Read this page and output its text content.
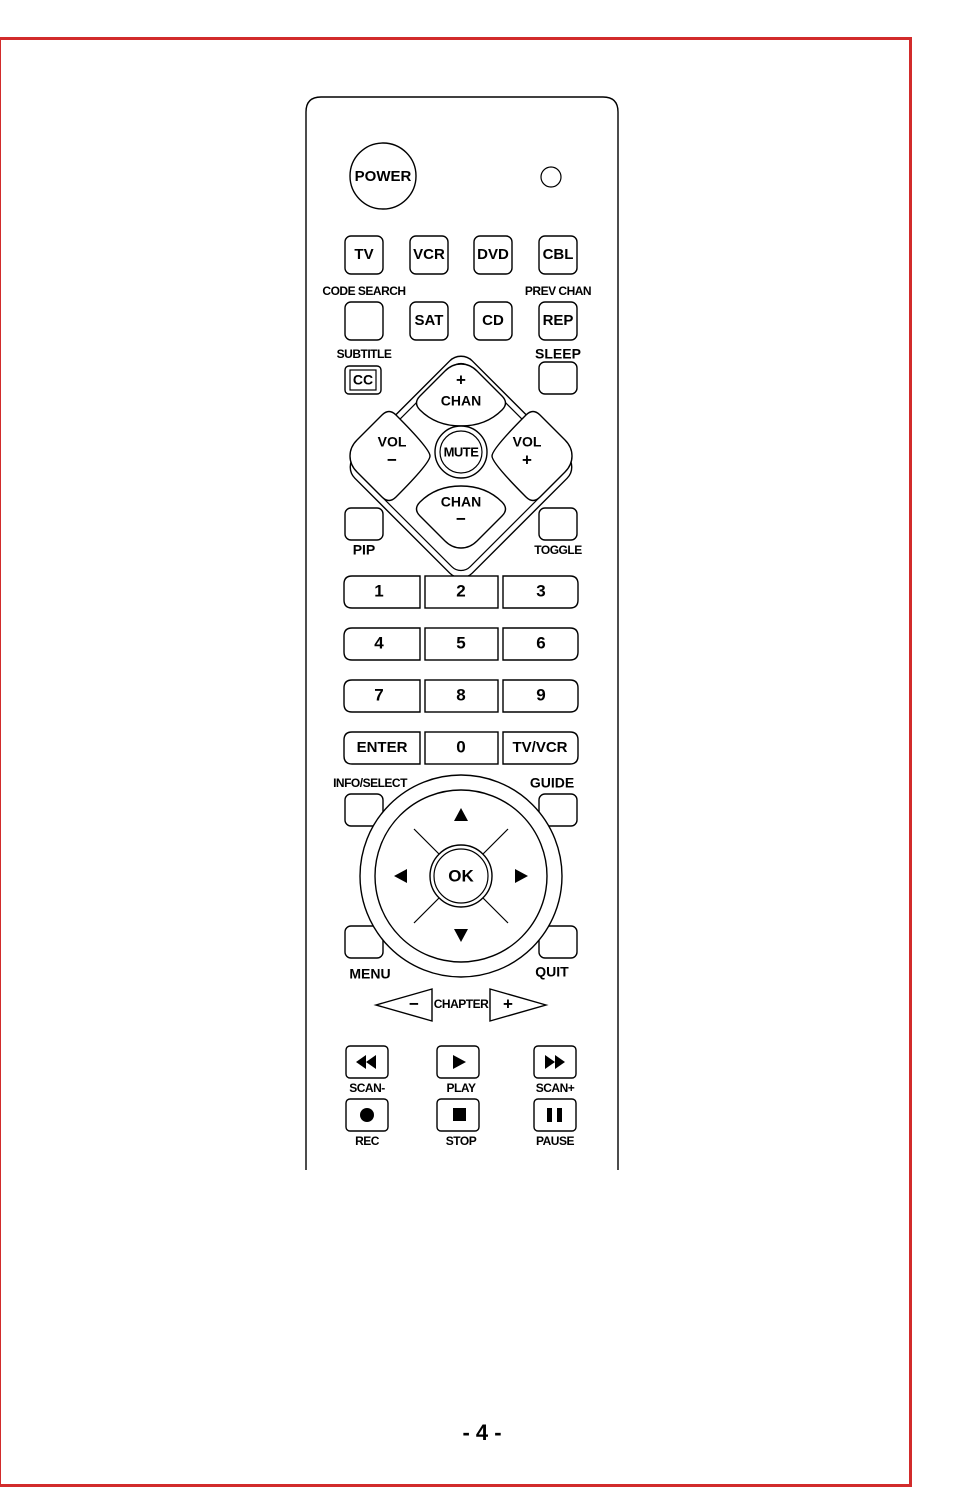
POWER
TV	VCR DVD CBL
CODE SEARCH	PREV CHAN
SAT	CD	REP
SUBTITLE
CC
SLEEP
+
CHAN
CHAN
−
VOL
−
VOL
+
MUTE
PIP	TOGGLE
1	2	3
4	5	6
7	8	9
ENTER	0	TV/VCR
INFO/SELECT	GUIDE
MENU	QUIT
OK
−	+
CHAPTER
SCAN-	PLAY	SCAN+
REC	STOP	PAUSE
- 4 -
